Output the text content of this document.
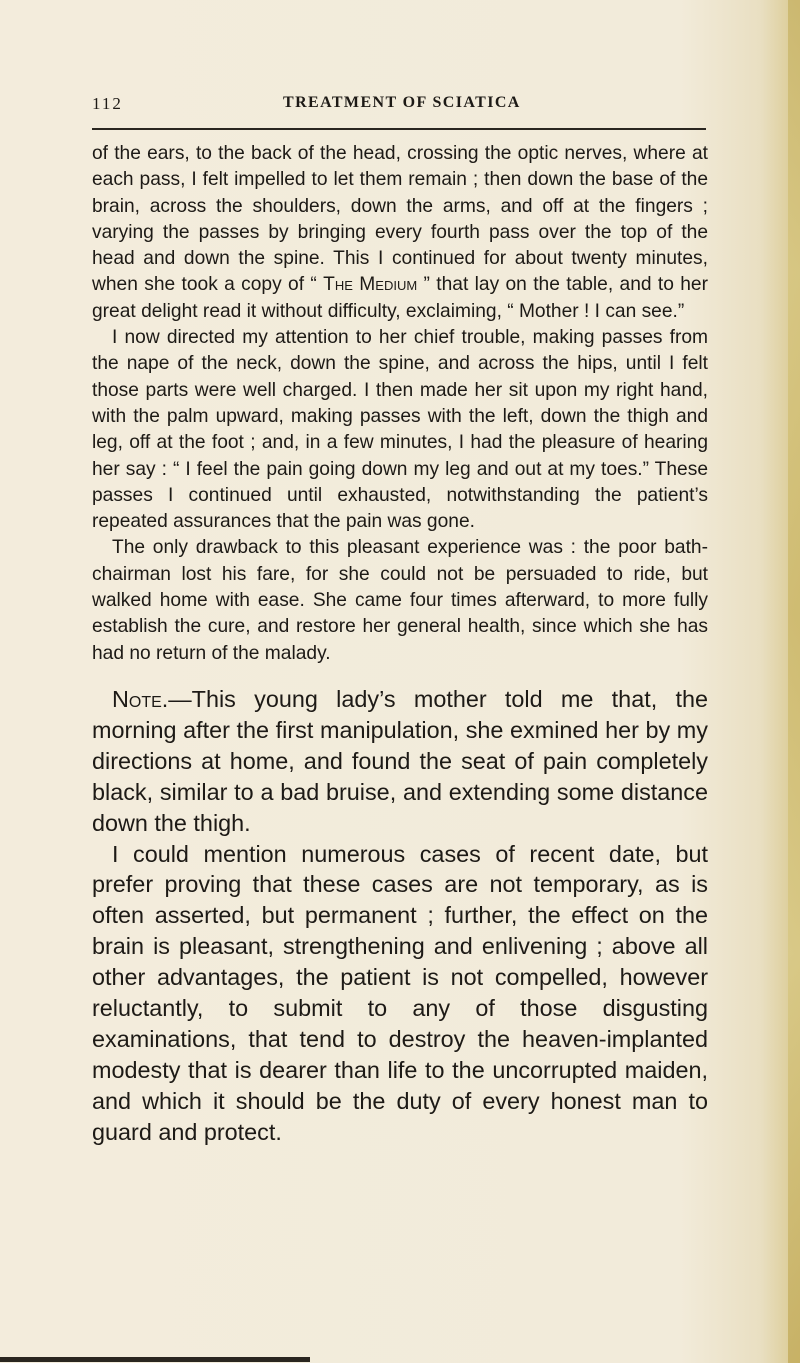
112	TREATMENT OF SCIATICA

of the ears, to the back of the head, crossing the optic nerves, where at each pass, I felt impelled to let them remain ; then down the base of the brain, across the shoulders, down the arms, and off at the fingers ; varying the passes by bringing every fourth pass over the top of the head and down the spine. This I continued for about twenty minutes, when she took a copy of “ The Medium ” that lay on the table, and to her great delight read it without difficulty, exclaiming, “ Mother ! I can see.”

I now directed my attention to her chief trouble, making passes from the nape of the neck, down the spine, and across the hips, until I felt those parts were well charged. I then made her sit upon my right hand, with the palm upward, making passes with the left, down the thigh and leg, off at the foot ; and, in a few minutes, I had the pleasure of hearing her say : “ I feel the pain going down my leg and out at my toes.” These passes I continued until exhausted, notwithstanding the patient’s repeated assurances that the pain was gone.

The only drawback to this pleasant experience was : the poor bath-chairman lost his fare, for she could not be persuaded to ride, but walked home with ease. She came four times afterward, to more fully establish the cure, and restore her general health, since which she has had no return of the malady.

Note.—This young lady’s mother told me that, the morning after the first manipulation, she exmined her by my directions at home, and found the seat of pain completely black, similar to a bad bruise, and extending some distance down the thigh.

I could mention numerous cases of recent date, but prefer proving that these cases are not temporary, as is often asserted, but permanent ; further, the effect on the brain is pleasant, strengthening and enlivening ; above all other advantages, the patient is not compelled, however reluctantly, to submit to any of those disgusting examinations, that tend to destroy the heaven-implanted modesty that is dearer than life to the uncorrupted maiden, and which it should be the duty of every honest man to guard and protect.
